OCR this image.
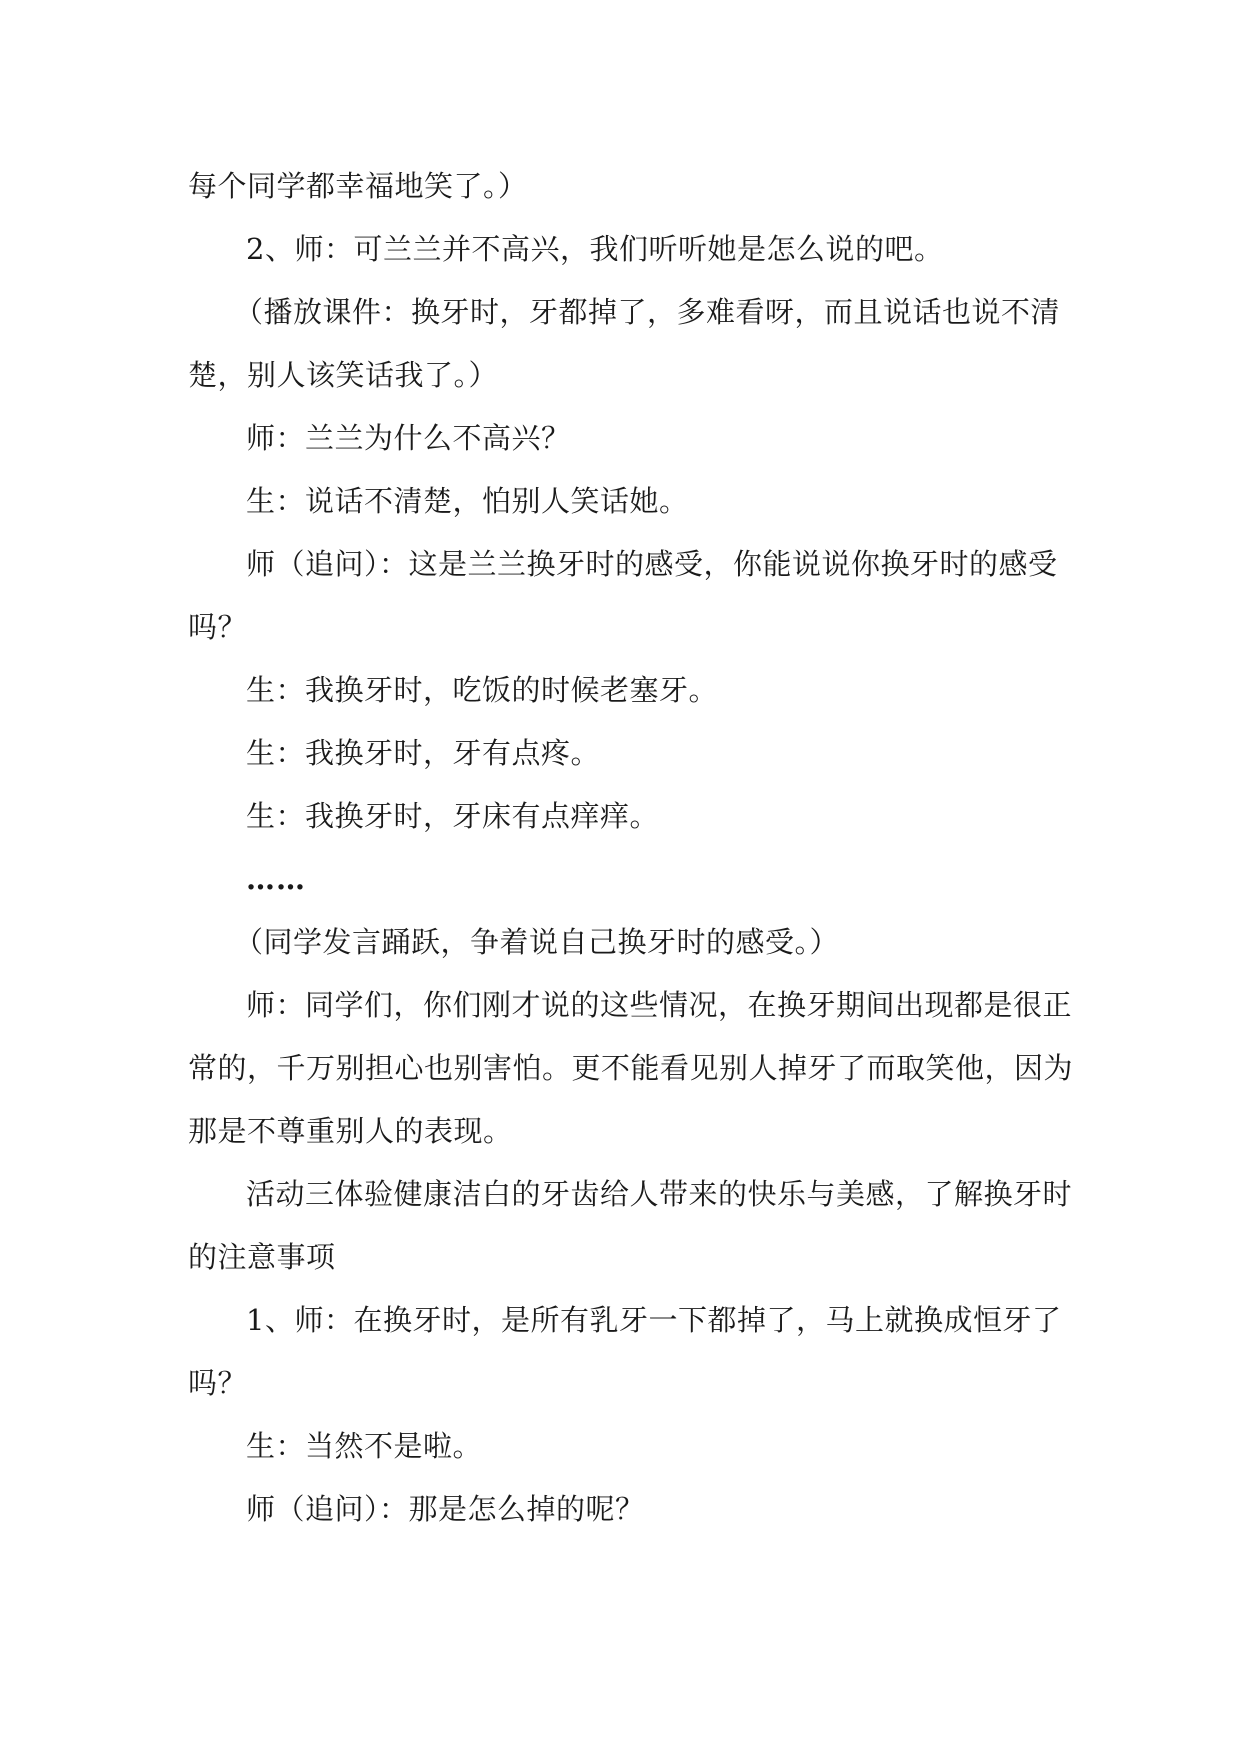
每个同学都幸福地笑了。）
2、师：可兰兰并不高兴，我们听听她是怎么说的吧。
（播放课件：换牙时，牙都掉了，多难看呀，而且说话也说不清
楚，别人该笑话我了。）
师：兰兰为什么不高兴？
生：说话不清楚，怕别人笑话她。
师（追问）：这是兰兰换牙时的感受，你能说说你换牙时的感受
吗？
生：我换牙时，吃饭的时候老塞牙。
生：我换牙时，牙有点疼。
生：我换牙时，牙床有点痒痒。
……
（同学发言踊跃，争着说自己换牙时的感受。）
师：同学们，你们刚才说的这些情况，在换牙期间出现都是很正
常的，千万别担心也别害怕。更不能看见别人掉牙了而取笑他，因为
那是不尊重别人的表现。
活动三体验健康洁白的牙齿给人带来的快乐与美感，了解换牙时
的注意事项
1、师：在换牙时，是所有乳牙一下都掉了，马上就换成恒牙了
吗？
生：当然不是啦。
师（追问）：那是怎么掉的呢？
